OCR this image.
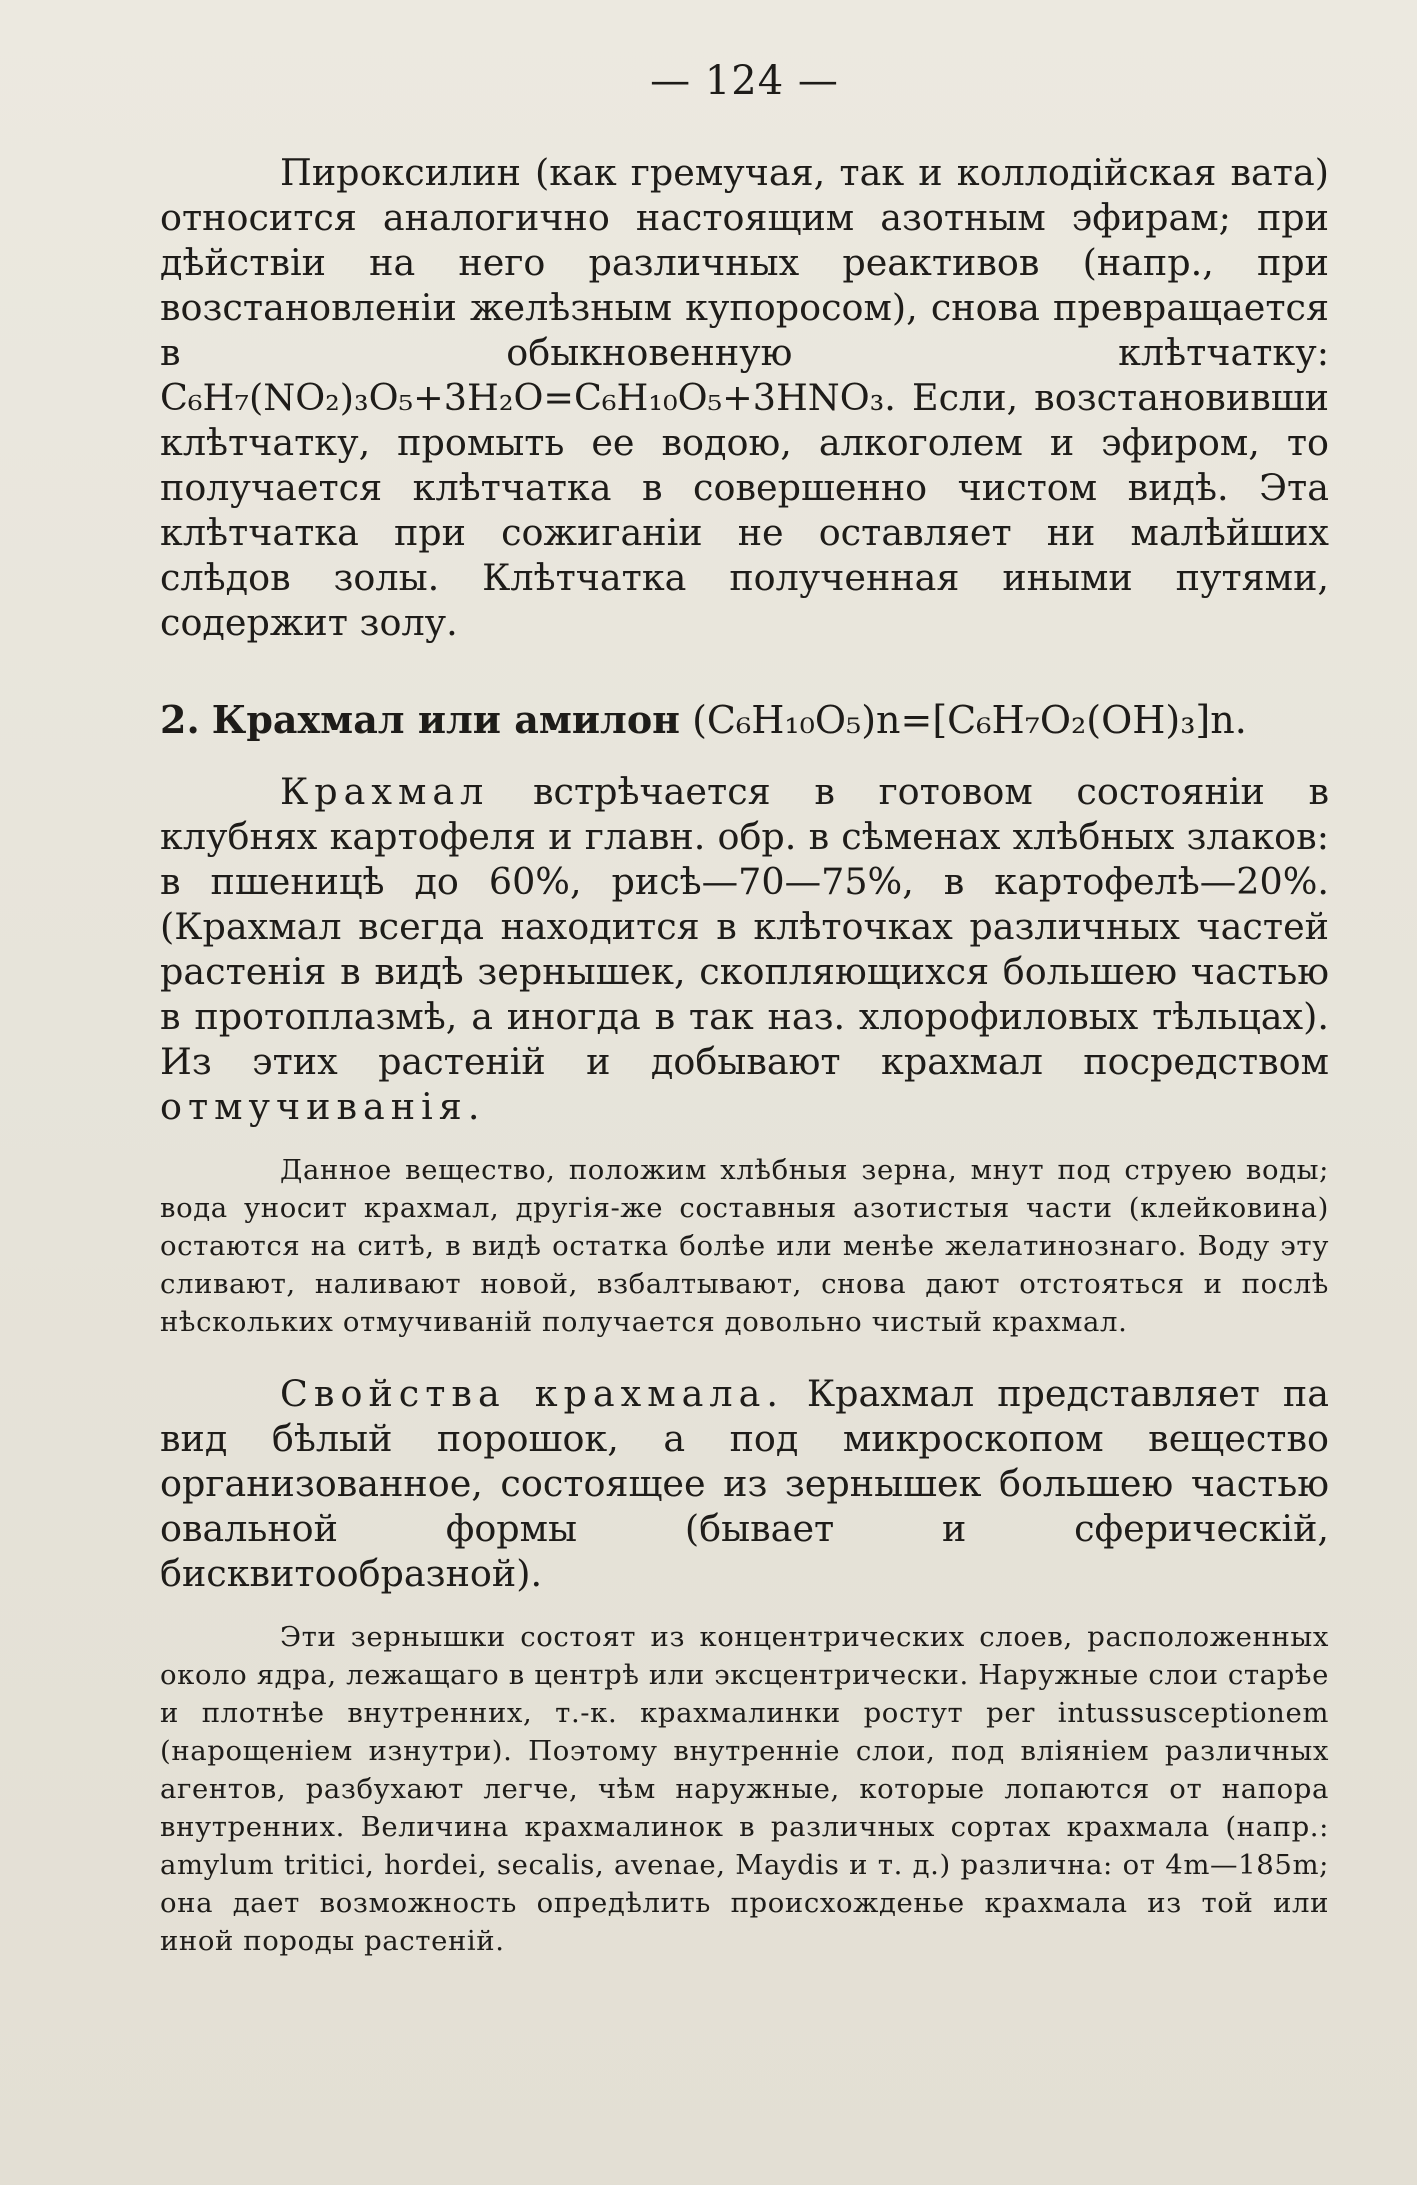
— 124 —

Пироксилин (как гремучая, так и коллодійская вата) относится аналогично настоящим азотным эфирам; при дѣйствіи на него различных реактивов (напр., при возстановленіи желѣзным купоросом), снова превращается в обыкновенную клѣтчатку: C₆H₇(NO₂)₃O₅+3H₂O=C₆H₁₀O₅+3HNO₃. Если, возстановивши клѣтчатку, промыть ее водою, алкоголем и эфиром, то получается клѣтчатка в совершенно чистом видѣ. Эта клѣтчатка при сожиганіи не оставляет ни малѣйших слѣдов золы. Клѣтчатка полученная иными путями, содержит золу.

2. Крахмал или амилон (C₆H₁₀O₅)n=[C₆H₇O₂(OH)₃]n.

Крахмал встрѣчается в готовом состояніи в клубнях картофеля и главн. обр. в сѣменах хлѣбных злаков: в пшеницѣ до 60%, рисѣ—70—75%, в картофелѣ—20%. (Крахмал всегда находится в клѣточках различных частей растенія в видѣ зернышек, скопляющихся большею частью в протоплазмѣ, а иногда в так наз. хлорофиловых тѣльцах). Из этих растеній и добывают крахмал посредством отмучиванія.

Данное вещество, положим хлѣбныя зерна, мнут под струею воды; вода уносит крахмал, другія-же составныя азотистыя части (клейковина) остаются на ситѣ, в видѣ остатка болѣе или менѣе желатинознаго. Воду эту сливают, наливают новой, взбалтывают, снова дают отстояться и послѣ нѣскольких отмучиваній получается довольно чистый крахмал.

Свойства крахмала. Крахмал представляет па вид бѣлый порошок, а под микроскопом вещество организованное, состоящее из зернышек большею частью овальной формы (бывает и сферическій, бисквитообразной).

Эти зернышки состоят из концентрических слоев, расположенных около ядра, лежащаго в центрѣ или эксцентрически. Наружные слои старѣе и плотнѣе внутренних, т.-к. крахмалинки ростут per intussusceptionem (нарощеніем изнутри). Поэтому внутренніе слои, под вліяніем различных агентов, разбухают легче, чѣм наружные, которые лопаются от напора внутренних. Величина крахмалинок в различных сортах крахмала (напр.: amylum tritici, hordei, secalis, avenae, Maydis и т. д.) различна: от 4m—185m; она дает возможность опредѣлить происхожденье крахмала из той или иной породы растеній.
